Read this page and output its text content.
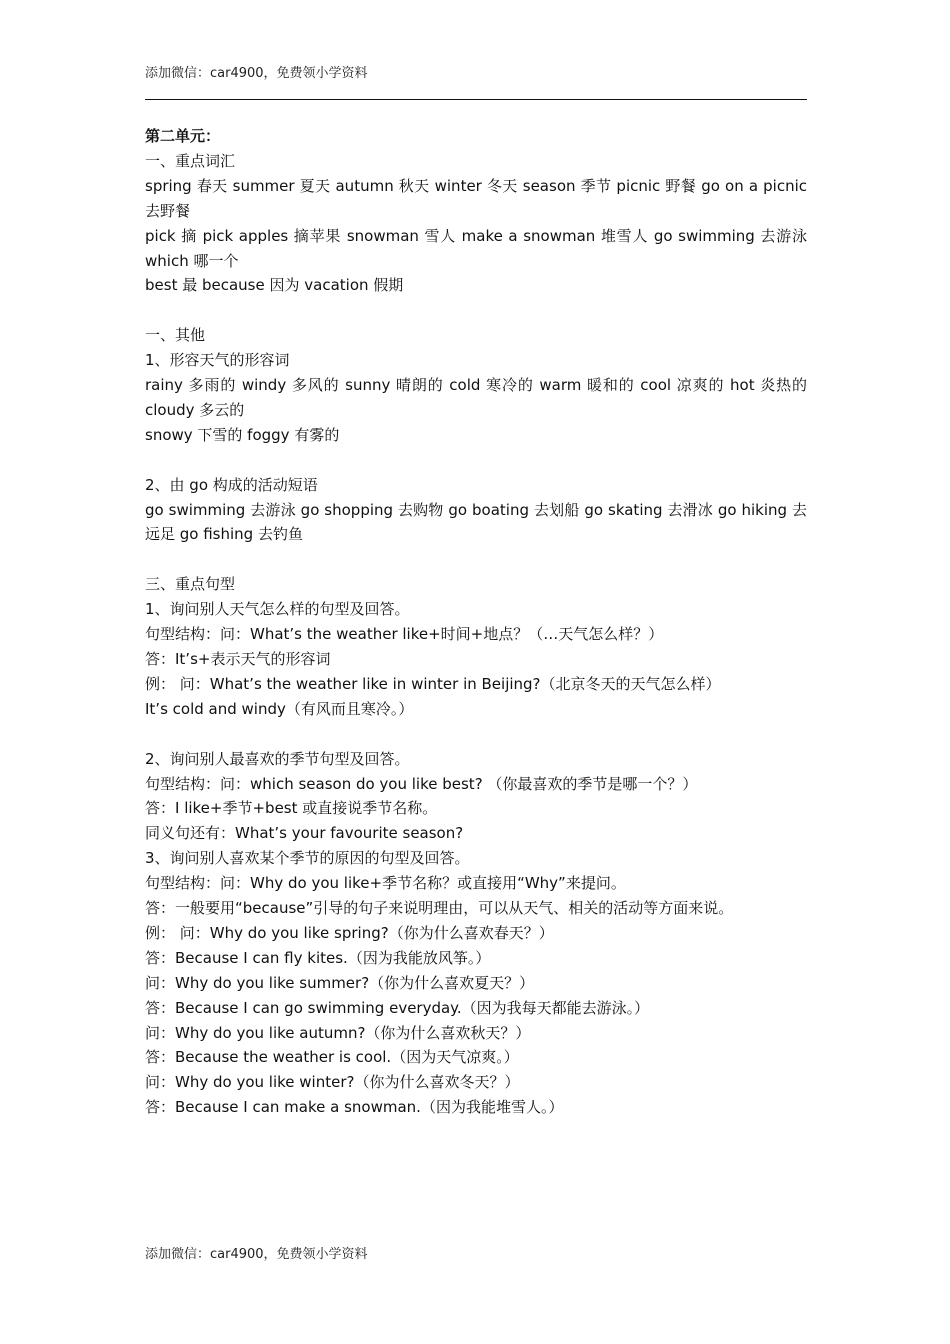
添加微信：car4900，免费领小学资料
第二单元：
一、重点词汇
spring 春天 summer 夏天 autumn 秋天 winter 冬天 season 季节 picnic 野餐 go on a picnic 去野餐
pick 摘 pick apples 摘苹果 snowman 雪人 make a snowman 堆雪人 go swimming 去游泳 which 哪一个
best 最 because 因为 vacation 假期
一、其他
1、形容天气的形容词
rainy 多雨的 windy 多风的 sunny 晴朗的 cold 寒冷的 warm 暖和的 cool 凉爽的 hot 炎热的 cloudy 多云的
snowy 下雪的 foggy 有雾的
2、由 go 构成的活动短语
go swimming 去游泳 go shopping 去购物 go boating 去划船 go skating 去滑冰 go hiking 去远足 go fishing 去钓鱼
三、重点句型
1、询问别人天气怎么样的句型及回答。
句型结构：问：What’s the weather like+时间+地点？（…天气怎么样？）
答：It’s+表示天气的形容词
例： 问：What’s the weather like in winter in Beijing?（北京冬天的天气怎么样）
It’s cold and windy（有风而且寒冷。）
2、询问别人最喜欢的季节句型及回答。
句型结构：问：which season do you like best? （你最喜欢的季节是哪一个？）
答：I like+季节+best 或直接说季节名称。
同义句还有：What’s your favourite season?
3、询问别人喜欢某个季节的原因的句型及回答。
句型结构：问：Why do you like+季节名称？或直接用“Why”来提问。
答：一般要用“because”引导的句子来说明理由，可以从天气、相关的活动等方面来说。
例： 问：Why do you like spring?（你为什么喜欢春天？）
答：Because I can fly kites.（因为我能放风筝。）
问：Why do you like summer?（你为什么喜欢夏天？）
答：Because I can go swimming everyday.（因为我每天都能去游泳。）
问：Why do you like autumn?（你为什么喜欢秋天？）
答：Because the weather is cool.（因为天气凉爽。）
问：Why do you like winter?（你为什么喜欢冬天？）
答：Because I can make a snowman.（因为我能堆雪人。）
添加微信：car4900，免费领小学资料
